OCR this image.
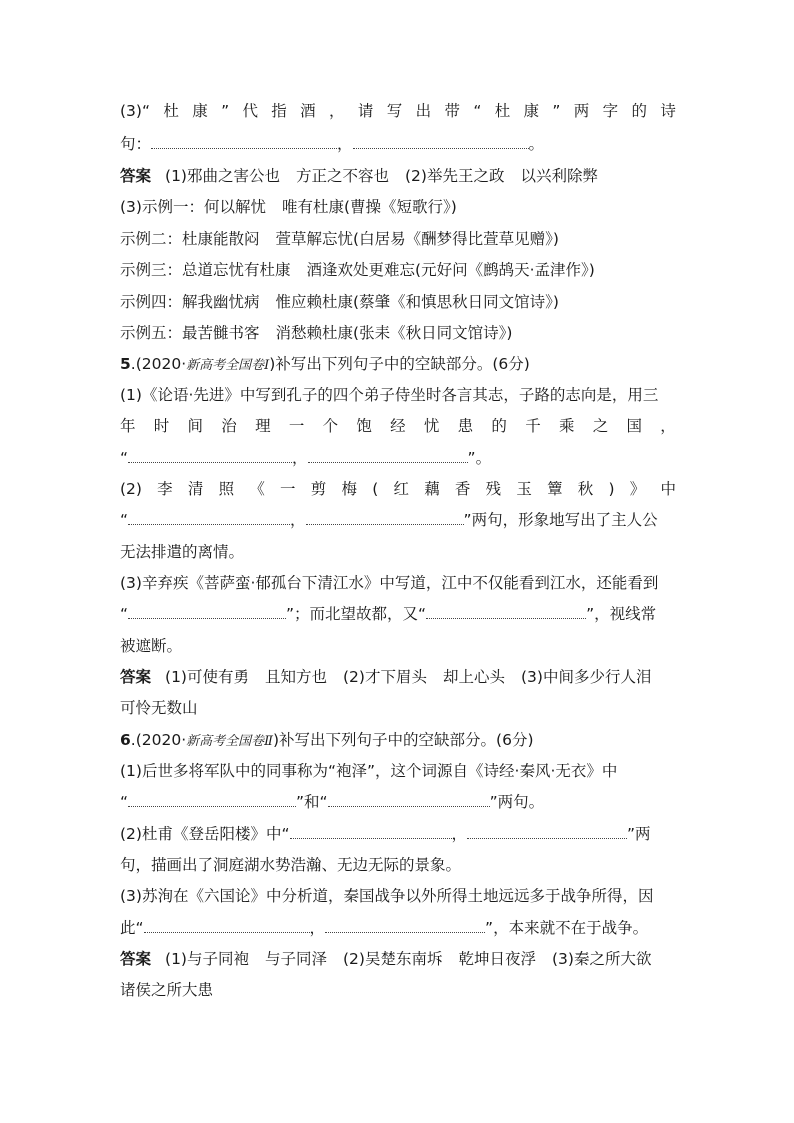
(3)“ 杜 康 ” 代 指 酒 ， 请 写 出 带 “ 杜 康 ” 两 字 的 诗
句：	，	。
答案 (1)邪曲之害公也 方正之不容也 (2)举先王之政 以兴利除弊
(3)示例一：何以解忧 唯有杜康(曹操《短歌行》)
示例二：杜康能散闷 萱草解忘忧(白居易《酬梦得比萱草见赠》)
示例三：总道忘忧有杜康 酒逢欢处更难忘(元好问《鹧鸪天·孟津作》)
示例四：解我幽忧病 惟应赖杜康(蔡肇《和慎思秋日同文馆诗》)
示例五：最苦雠书客 消愁赖杜康(张耒《秋日同文馆诗》)
5.(2020·新高考全国卷Ⅰ)补写出下列句子中的空缺部分。(6分)
(1)《论语·先进》中写到孔子的四个弟子侍坐时各言其志，子路的志向是，用三
年 时 间 治 理 一 个 饱 经 忧 患 的 千 乘 之 国 ，
“	，	”。
(2) 李 清 照 《 一 剪 梅 ( 红 藕 香 残 玉 簟 秋 ) 》 中
“	，	”两句，形象地写出了主人公
无法排遣的离情。
(3)辛弃疾《菩萨蛮·郁孤台下清江水》中写道，江中不仅能看到江水，还能看到
“	”；而北望故都，又“	”，视线常
被遮断。
答案 (1)可使有勇 且知方也 (2)才下眉头 却上心头 (3)中间多少行人泪
可怜无数山
6.(2020·新高考全国卷Ⅱ)补写出下列句子中的空缺部分。(6分)
(1)后世多将军队中的同事称为“袍泽”，这个词源自《诗经·秦风·无衣》中
“	”和“	”两句。
(2)杜甫《登岳阳楼》中“	，	”两
句，描画出了洞庭湖水势浩瀚、无边无际的景象。
(3)苏洵在《六国论》中分析道，秦国战争以外所得土地远远多于战争所得，因
此“	，	”，本来就不在于战争。
答案 (1)与子同袍 与子同泽 (2)吴楚东南坼 乾坤日夜浮 (3)秦之所大欲
诸侯之所大患
